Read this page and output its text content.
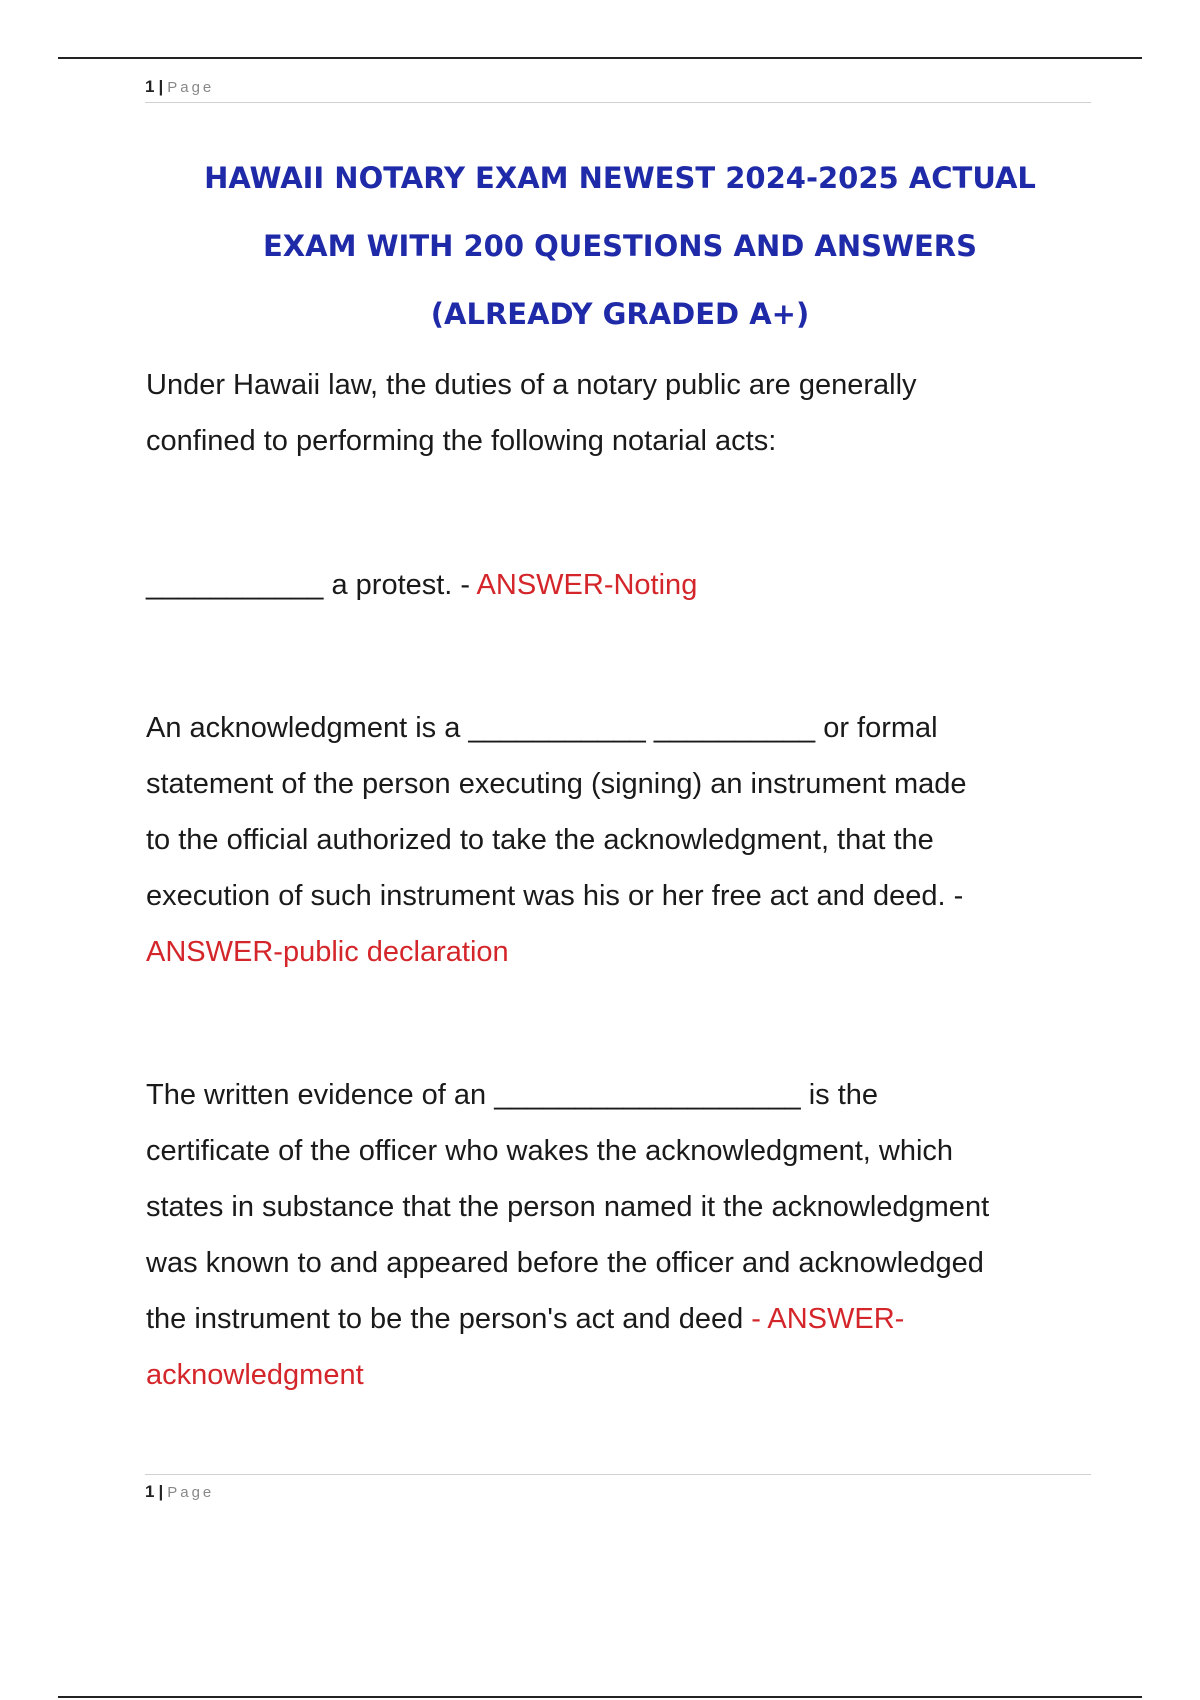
1 | Page
HAWAII NOTARY EXAM NEWEST 2024-2025 ACTUAL
EXAM WITH 200 QUESTIONS AND ANSWERS
(ALREADY GRADED A+)

Under Hawaii law, the duties of a notary public are generally
confined to performing the following notarial acts:

___________ a protest. - ANSWER-Noting

An acknowledgment is a ___________ __________ or formal
statement of the person executing (signing) an instrument made
to the official authorized to take the acknowledgment, that the
execution of such instrument was his or her free act and deed. -
ANSWER-public declaration

The written evidence of an ___________________ is the
certificate of the officer who wakes the acknowledgment, which
states in substance that the person named it the acknowledgment
was known to and appeared before the officer and acknowledged
the instrument to be the person's act and deed - ANSWER-
acknowledgment

1 | Page
